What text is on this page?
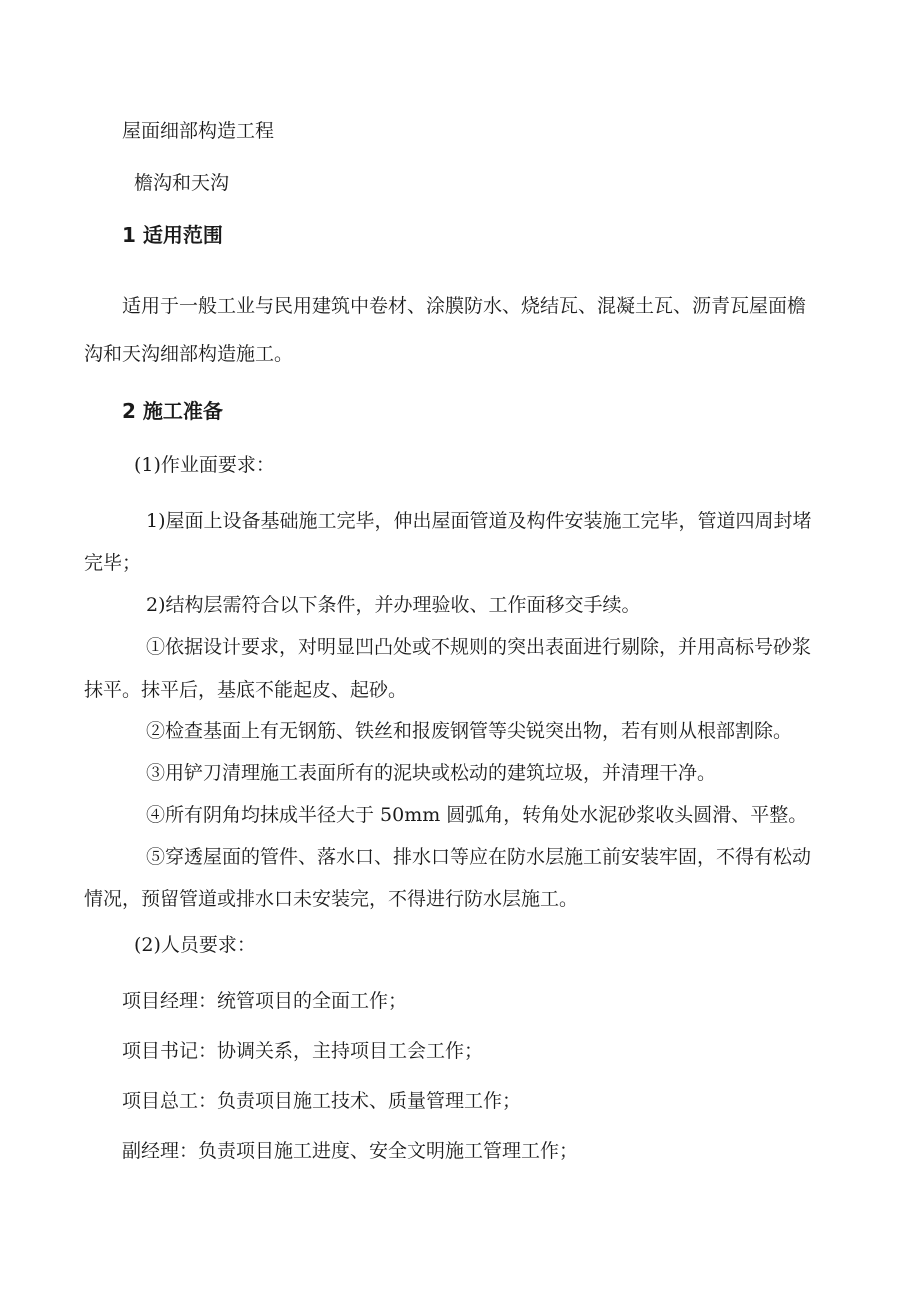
屋面细部构造工程
檐沟和天沟
1 适用范围
适用于一般工业与民用建筑中卷材、涂膜防水、烧结瓦、混凝土瓦、沥青瓦屋面檐
沟和天沟细部构造施工。
2 施工准备
(1)作业面要求：
1)屋面上设备基础施工完毕，伸出屋面管道及构件安装施工完毕，管道四周封堵
完毕；
2)结构层需符合以下条件，并办理验收、工作面移交手续。
①依据设计要求，对明显凹凸处或不规则的突出表面进行剔除，并用高标号砂浆
抹平。抹平后，基底不能起皮、起砂。
②检查基面上有无钢筋、铁丝和报废钢管等尖锐突出物，若有则从根部割除。
③用铲刀清理施工表面所有的泥块或松动的建筑垃圾，并清理干净。
④所有阴角均抹成半径大于 50mm 圆弧角，转角处水泥砂浆收头圆滑、平整。
⑤穿透屋面的管件、落水口、排水口等应在防水层施工前安装牢固，不得有松动
情况，预留管道或排水口未安装完，不得进行防水层施工。
(2)人员要求：
项目经理：统管项目的全面工作；
项目书记：协调关系，主持项目工会工作；
项目总工：负责项目施工技术、质量管理工作；
副经理：负责项目施工进度、安全文明施工管理工作；
